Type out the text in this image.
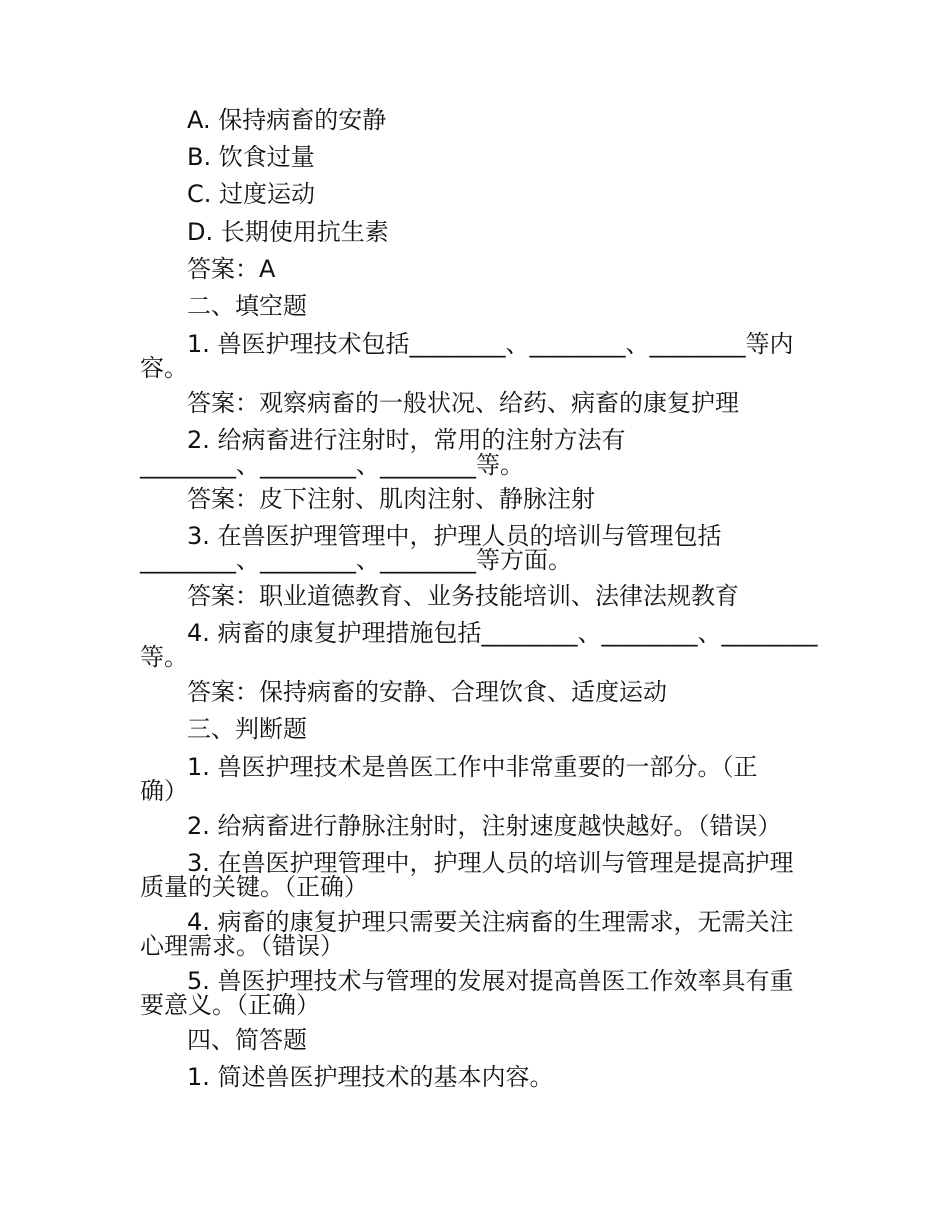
A. 保持病畜的安静

B. 饮食过量

C. 过度运动

D. 长期使用抗生素

答案：A

二、填空题

1. 兽医护理技术包括________、________、________等内

容。

答案：观察病畜的一般状况、给药、病畜的康复护理

2. 给病畜进行注射时，常用的注射方法有

________、________、________等。

答案：皮下注射、肌肉注射、静脉注射

3. 在兽医护理管理中，护理人员的培训与管理包括

________、________、________等方面。

答案：职业道德教育、业务技能培训、法律法规教育

4. 病畜的康复护理措施包括________、________、________

等。

答案：保持病畜的安静、合理饮食、适度运动

三、判断题

1. 兽医护理技术是兽医工作中非常重要的一部分。（正

确）

2. 给病畜进行静脉注射时，注射速度越快越好。（错误）

3. 在兽医护理管理中，护理人员的培训与管理是提高护理

质量的关键。（正确）

4. 病畜的康复护理只需要关注病畜的生理需求，无需关注

心理需求。（错误）

5. 兽医护理技术与管理的发展对提高兽医工作效率具有重

要意义。（正确）

四、简答题

1. 简述兽医护理技术的基本内容。
